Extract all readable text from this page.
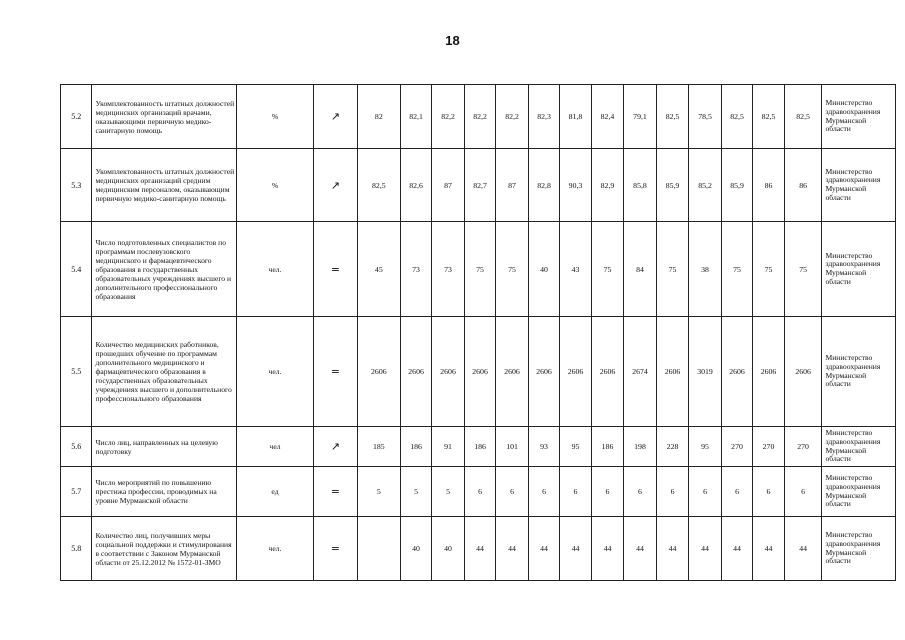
18
5.2	Укомплектованность штатных должностей медицинских организаций врачами, оказывающими первичную медико-санитарную помощь	%	↗	82	82,1	82,2	82,2	82,2	82,3	81,8	82,4	79,1	82,5	78,5	82,5	82,5	82,5	Министерство здравоохранения Мурманской области
5.3	Укомплектованность штатных должностей медицинских организаций средним медицинским персоналом, оказывающим первичную медико-санитарную помощь	%	↗	82,5	82,6	87	82,7	87	82,8	90,3	82,9	85,8	85,9	85,2	85,9	86	86	Министерство здравоохранения Мурманской области
5.4	Число подготовленных специалистов по программам послевузовского медицинского и фармацевтического образования в государственных образовательных учреждениях высшего и дополнительного профессионального образования	чел.	=	45	73	73	75	75	40	43	75	84	75	38	75	75	75	Министерство здравоохранения Мурманской области
5.5	Количество медицинских работников, прошедших обучение по программам дополнительного медицинского и фармацевтического образования в государственных образовательных учреждениях высшего и дополнительного профессионального образования	чел.	=	2606	2606	2606	2606	2606	2606	2606	2606	2674	2606	3019	2606	2606	2606	Министерство здравоохранения Мурманской области
5.6	Число лиц, направленных на целевую подготовку	чел	↗	185	186	91	186	101	93	95	186	198	228	95	270	270	270	Министерство здравоохранения Мурманской области
5.7	Число мероприятий по повышению престижа профессии, проводимых на уровне Мурманской области	ед	=	5	5	5	6	6	6	6	6	6	6	6	6	6	6	Министерство здравоохранения Мурманской области
5.8	Количество лиц, получивших меры социальной поддержки и стимулирования в соответствии с Законом Мурманской области от 25.12.2012 № 1572-01-ЗМО	чел.	=		40	40	44	44	44	44	44	44	44	44	44	44	44	Министерство здравоохранения Мурманской области
